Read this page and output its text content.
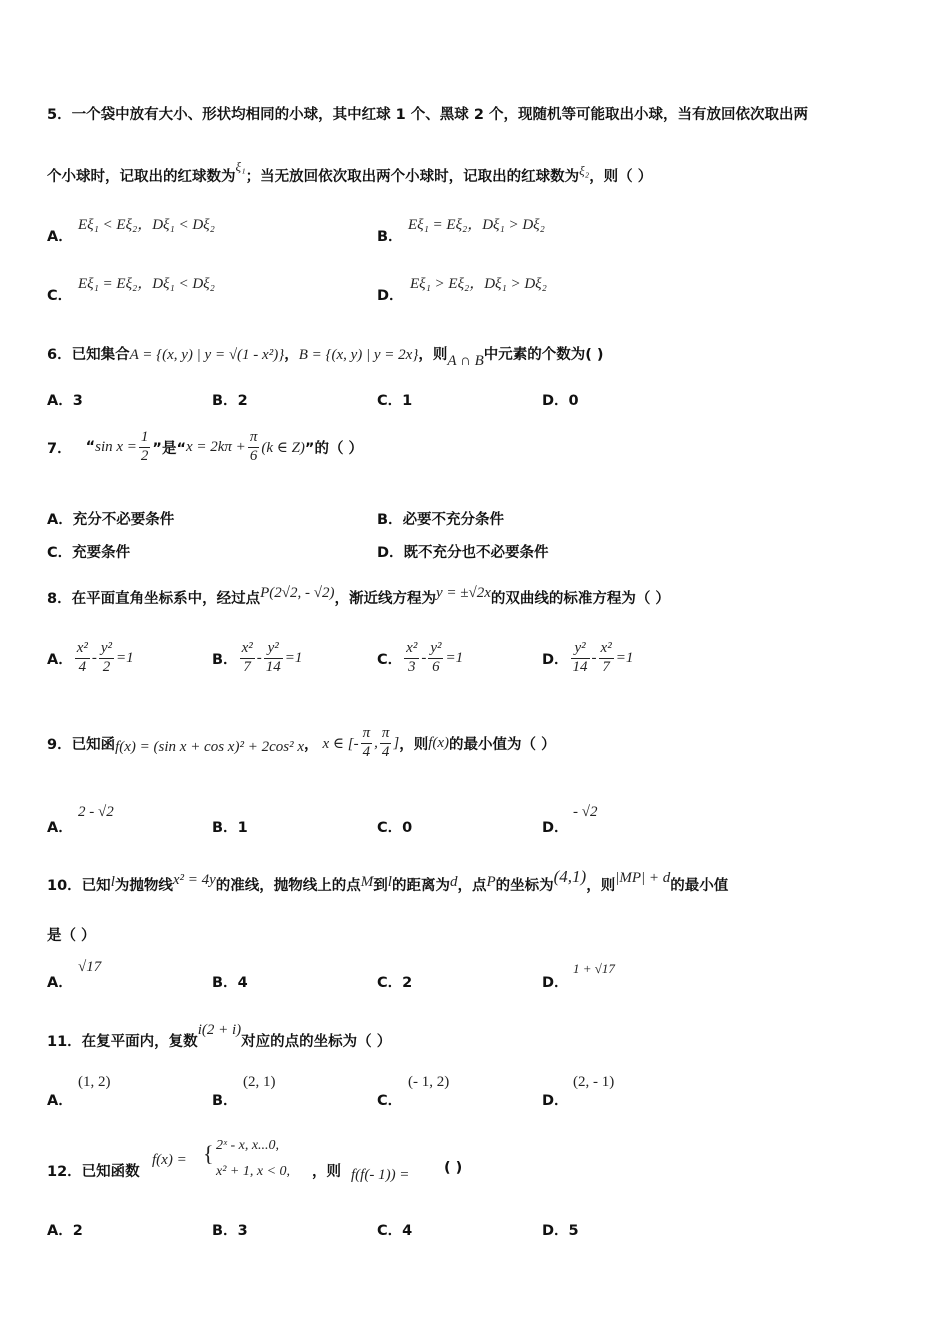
5．一个袋中放有大小、形状均相同的小球，其中红球 1 个、黑球 2 个，现随机等可能取出小球，当有放回依次取出两
个小球时，记取出的红球数为ξ₁；当无放回依次取出两个小球时，记取出的红球数为ξ₂，则（ ）
A．
Eξ₁ < Eξ₂，Dξ₁ < Dξ₂
B．
Eξ₁ = Eξ₂，Dξ₁ > Dξ₂
C．
Eξ₁ = Eξ₂，Dξ₁ < Dξ₂
D．
Eξ₁ > Eξ₂，Dξ₁ > Dξ₂
6．已知集合A = {(x, y) | y = √(1 - x²)}，B = {(x, y) | y = 2x}，则A ∩ B中元素的个数为( )
A．3	B．2	C．1	D．0
7． “ $\sin x = \frac{1}{2}$ ”是“ $x = 2k\pi + \frac{\pi}{6} (k$ ∈ Z) ”的（ ）
A．充分不必要条件	B．必要不充分条件
C．充要条件	D．既不充分也不必要条件
8．在平面直角坐标系中，经过点P(2√2, - √2)，渐近线方程为y = ±√2x的双曲线的标准方程为（ ）
A． $\frac{\text{x²}}{4} - \frac{\text{y²}}{2} =1$	B． $\frac{\text{x²}}{7} - \frac{\text{y²}}{14} =1$	C． $\frac{\text{x²}}{3} - \frac{\text{y²}}{6} =1$	D． $\frac{\text{y²}}{14} - \frac{\text{x²}}{7} =1$
9．已知函 f(x) = (sin x + cos x)² + 2cos² x ， x ∈ [- $\frac{\pi}{4}$ , $\frac{\pi}{4}$ ] ，则 f(x) 的最小值为（ ）
A．
2 - √2
B．1	C．0	D．
- √2
10．已知l为抛物线x² = 4y的准线，抛物线上的点M到l的距离为d，点P的坐标为(4,1)，则|MP| + d的最小值
是（ ）
A．
√17
B．4	C．2	D．
1 + √17
11．在复平面内，复数i(2 + i)对应的点的坐标为（ ）
A．
(1, 2)
B．
(2, 1)
C．
(- 1, 2)
D．
(2, - 1)
12．已知函数
f(x) = { 2ˣ - x, x...0,
x² + 1, x < 0, ，则 f(f(- 1)) = ( )
A．2	B．3	C．4	D．5
